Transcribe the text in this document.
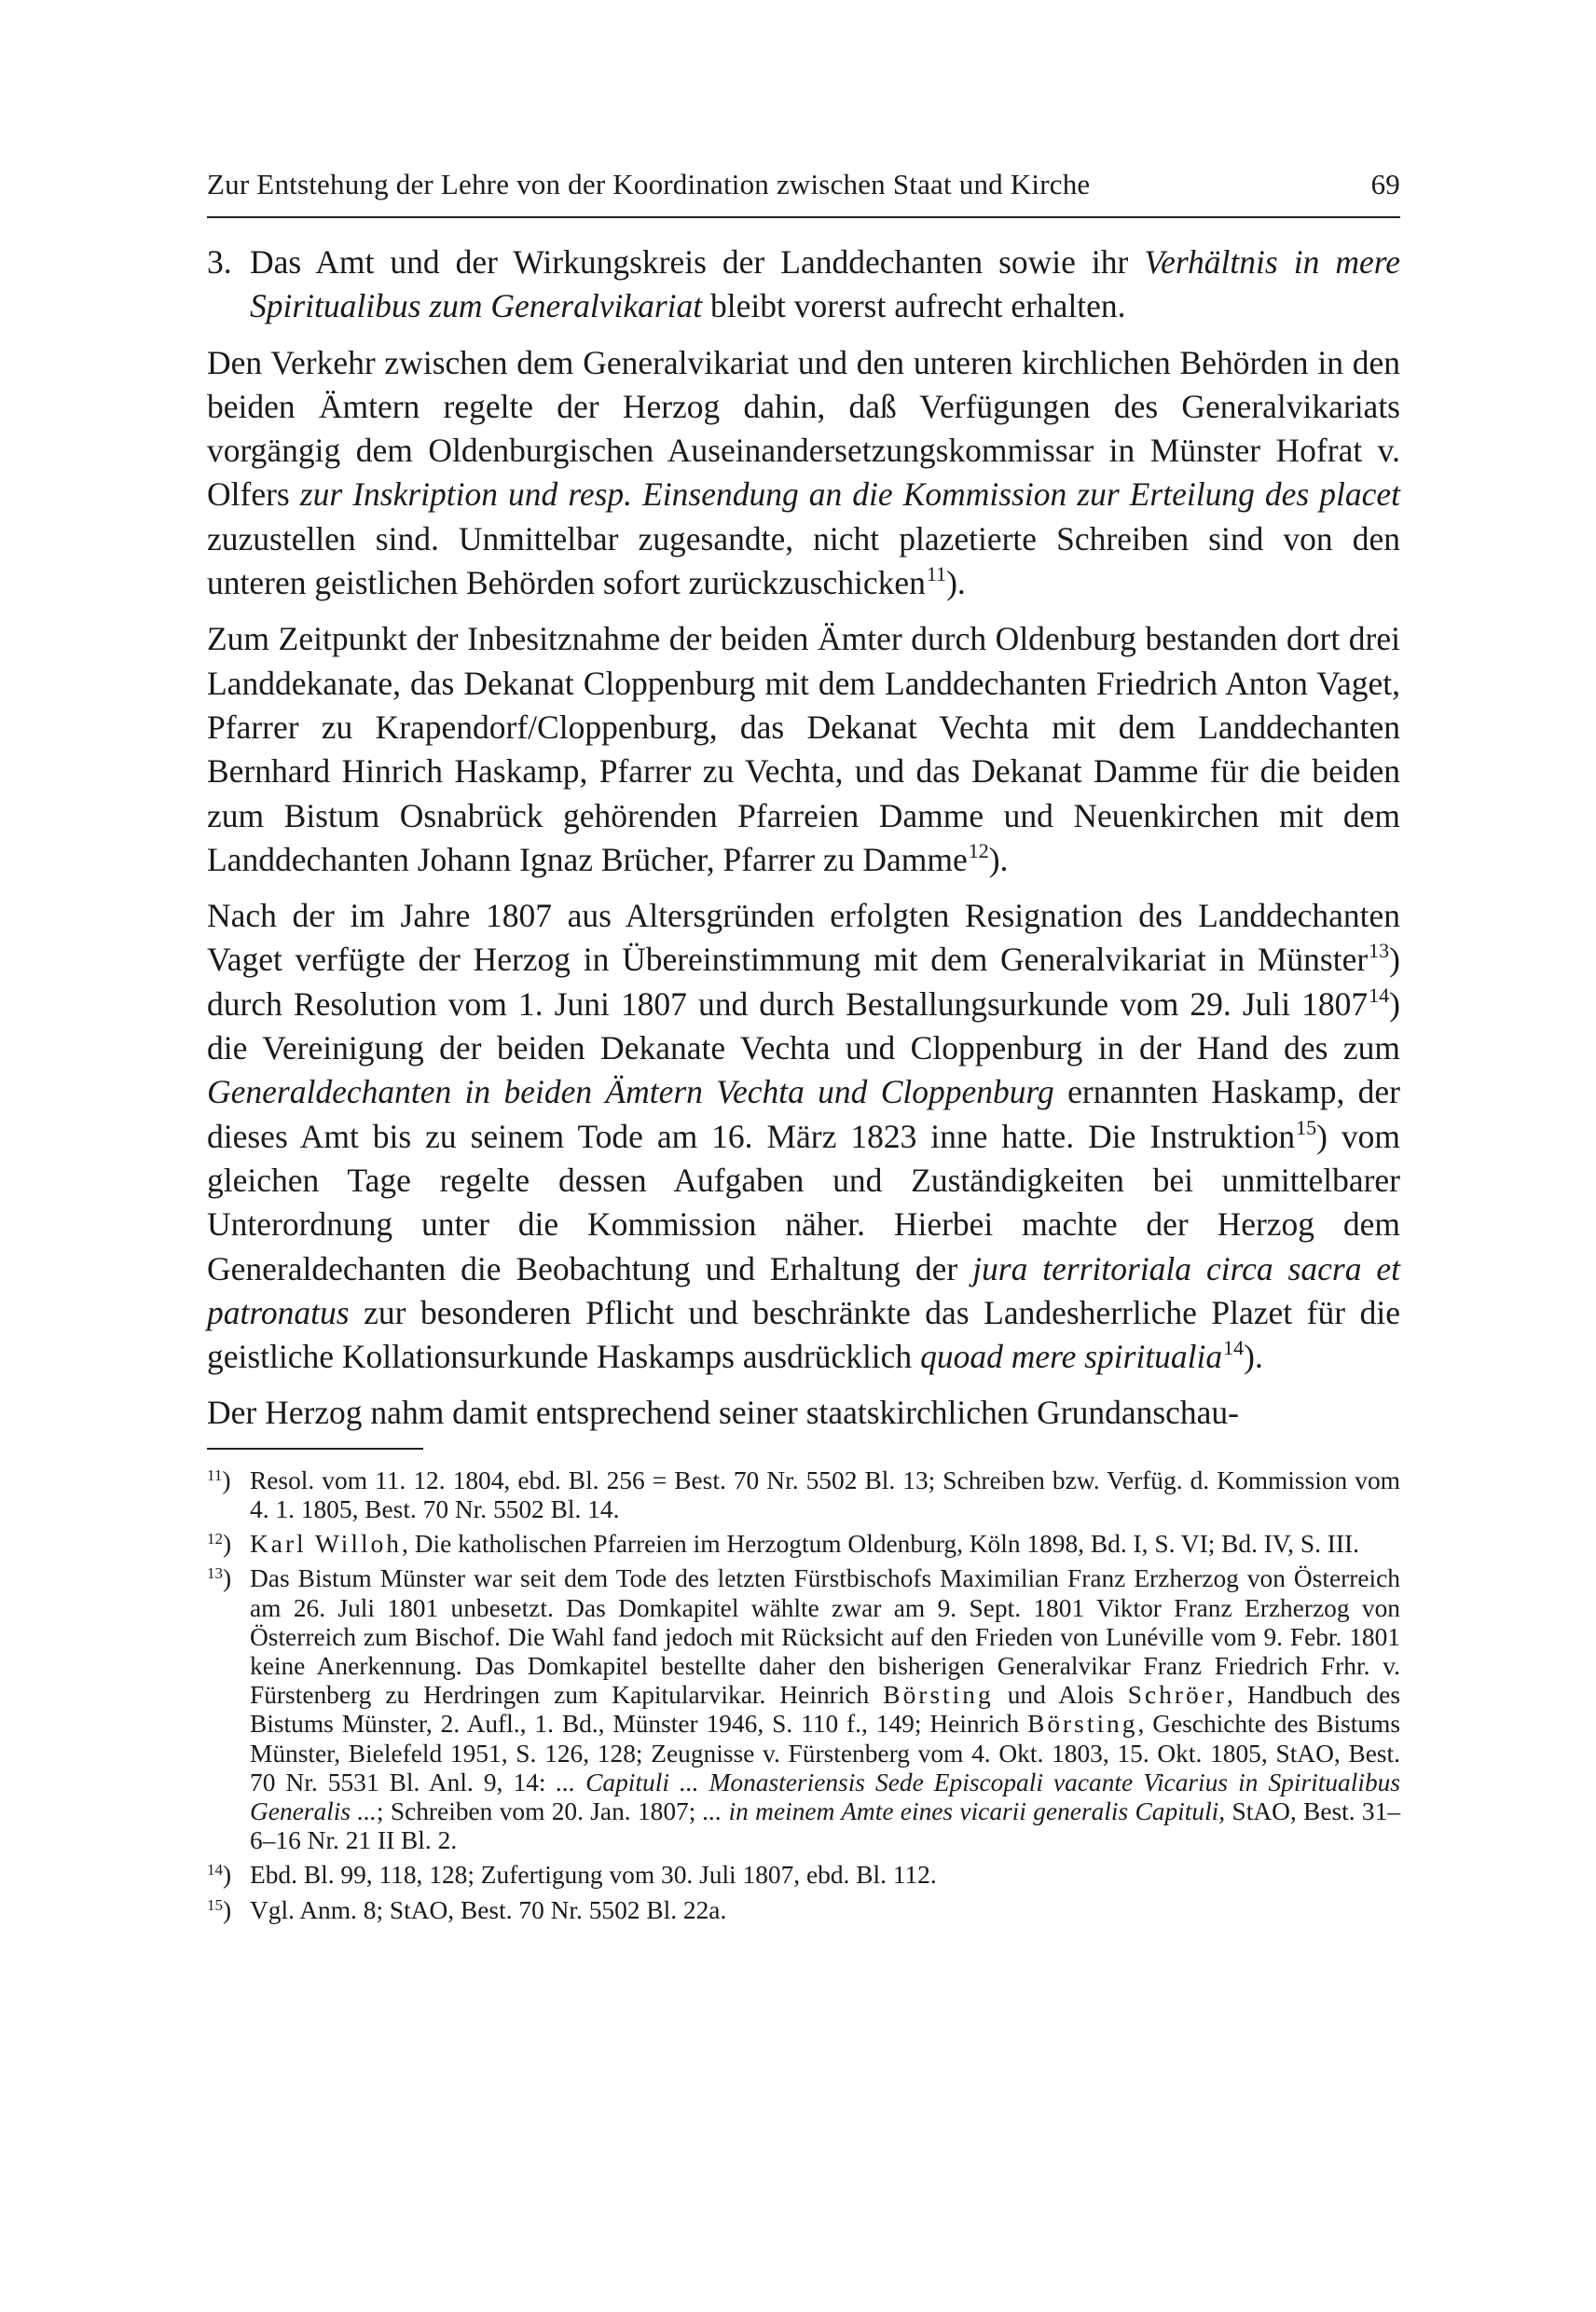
Zur Entstehung der Lehre von der Koordination zwischen Staat und Kirche	69

3. Das Amt und der Wirkungskreis der Landdechanten sowie ihr Verhältnis in mere Spiritualibus zum Generalvikariat bleibt vorerst aufrecht erhalten.

Den Verkehr zwischen dem Generalvikariat und den unteren kirchlichen Behörden in den beiden Ämtern regelte der Herzog dahin, daß Verfügungen des Generalvikariats vorgängig dem Oldenburgischen Auseinandersetzungskommissar in Münster Hofrat v. Olfers zur Inskription und resp. Einsendung an die Kommission zur Erteilung des placet zuzustellen sind. Unmittelbar zugesandte, nicht plazetierte Schreiben sind von den unteren geistlichen Behörden sofort zurückzuschicken$^{11}$).

Zum Zeitpunkt der Inbesitznahme der beiden Ämter durch Oldenburg bestanden dort drei Landdekanate, das Dekanat Cloppenburg mit dem Landdechanten Friedrich Anton Vaget, Pfarrer zu Krapendorf/Cloppenburg, das Dekanat Vechta mit dem Landdechanten Bernhard Hinrich Haskamp, Pfarrer zu Vechta, und das Dekanat Damme für die beiden zum Bistum Osnabrück gehörenden Pfarreien Damme und Neuenkirchen mit dem Landdechanten Johann Ignaz Brücher, Pfarrer zu Damme$^{12}$).

Nach der im Jahre 1807 aus Altersgründen erfolgten Resignation des Landdechanten Vaget verfügte der Herzog in Übereinstimmung mit dem Generalvikariat in Münster$^{13}$) durch Resolution vom 1. Juni 1807 und durch Bestallungsurkunde vom 29. Juli 1807$^{14}$) die Vereinigung der beiden Dekanate Vechta und Cloppenburg in der Hand des zum Generaldechanten in beiden Ämtern Vechta und Cloppenburg ernannten Haskamp, der dieses Amt bis zu seinem Tode am 16. März 1823 inne hatte. Die Instruktion$^{15}$) vom gleichen Tage regelte dessen Aufgaben und Zuständigkeiten bei unmittelbarer Unterordnung unter die Kommission näher. Hierbei machte der Herzog dem Generaldechanten die Beobachtung und Erhaltung der jura territoriala circa sacra et patronatus zur besonderen Pflicht und beschränkte das Landesherrliche Plazet für die geistliche Kollationsurkunde Haskamps ausdrücklich quoad mere spiritualia$^{14}$).

Der Herzog nahm damit entsprechend seiner staatskirchlichen Grundanschau-

$^{11}$) Resol. vom 11. 12. 1804, ebd. Bl. 256 = Best. 70 Nr. 5502 Bl. 13; Schreiben bzw. Verfüg. d. Kommission vom 4. 1. 1805, Best. 70 Nr. 5502 Bl. 14.
$^{12}$) Karl Willoh, Die katholischen Pfarreien im Herzogtum Oldenburg, Köln 1898, Bd. I, S. VI; Bd. IV, S. III.
$^{13}$) Das Bistum Münster war seit dem Tode des letzten Fürstbischofs Maximilian Franz Erzherzog von Österreich am 26. Juli 1801 unbesetzt. Das Domkapitel wählte zwar am 9. Sept. 1801 Viktor Franz Erzherzog von Österreich zum Bischof. Die Wahl fand jedoch mit Rücksicht auf den Frieden von Lunéville vom 9. Febr. 1801 keine Anerkennung. Das Domkapitel bestellte daher den bisherigen Generalvikar Franz Friedrich Frhr. v. Fürstenberg zu Herdringen zum Kapitularvikar. Heinrich Börsting und Alois Schröer, Handbuch des Bistums Münster, 2. Aufl., 1. Bd., Münster 1946, S. 110 f., 149; Heinrich Börsting, Geschichte des Bistums Münster, Bielefeld 1951, S. 126, 128; Zeugnisse v. Fürstenberg vom 4. Okt. 1803, 15. Okt. 1805, StAO, Best. 70 Nr. 5531 Bl. Anl. 9, 14: ... Capituli ... Monasteriensis Sede Episcopali vacante Vicarius in Spiritualibus Generalis ...; Schreiben vom 20. Jan. 1807; ... in meinem Amte eines vicarii generalis Capituli, StAO, Best. 31–6–16 Nr. 21 II Bl. 2.
$^{14}$) Ebd. Bl. 99, 118, 128; Zufertigung vom 30. Juli 1807, ebd. Bl. 112.
$^{15}$) Vgl. Anm. 8; StAO, Best. 70 Nr. 5502 Bl. 22a.
